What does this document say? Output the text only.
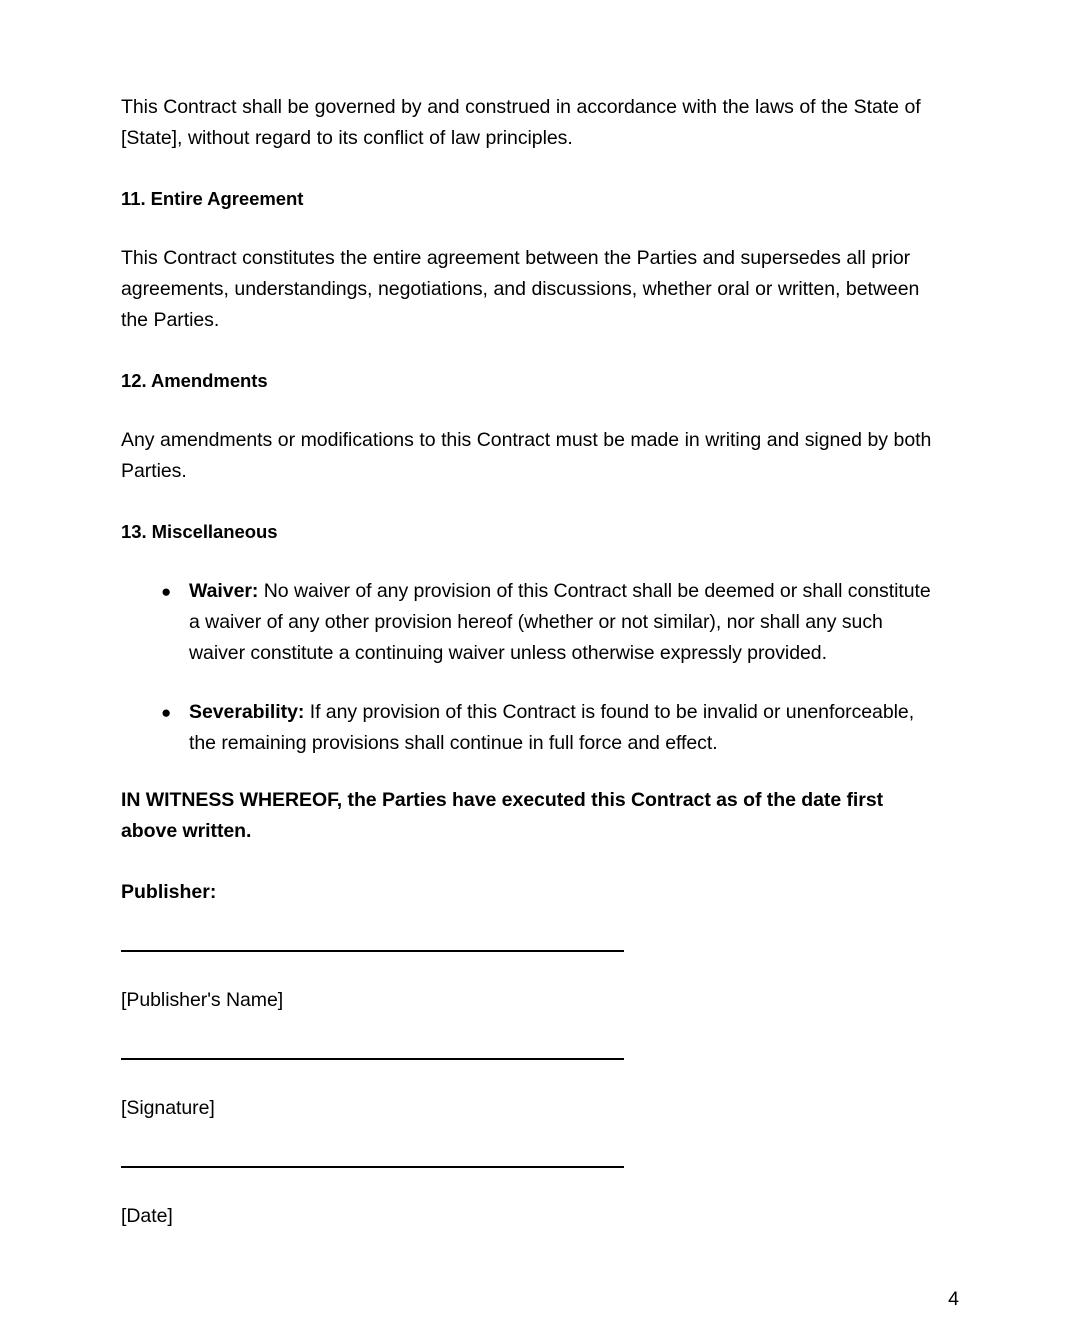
This Contract shall be governed by and construed in accordance with the laws of the State of [State], without regard to its conflict of law principles.

11. Entire Agreement

This Contract constitutes the entire agreement between the Parties and supersedes all prior agreements, understandings, negotiations, and discussions, whether oral or written, between the Parties.

12. Amendments

Any amendments or modifications to this Contract must be made in writing and signed by both Parties.

13. Miscellaneous
● Waiver: No waiver of any provision of this Contract shall be deemed or shall constitute a waiver of any other provision hereof (whether or not similar), nor shall any such waiver constitute a continuing waiver unless otherwise expressly provided.
● Severability: If any provision of this Contract is found to be invalid or unenforceable, the remaining provisions shall continue in full force and effect.

IN WITNESS WHEREOF, the Parties have executed this Contract as of the date first above written.

Publisher:

[Publisher's Name]

[Signature]

[Date]

4
